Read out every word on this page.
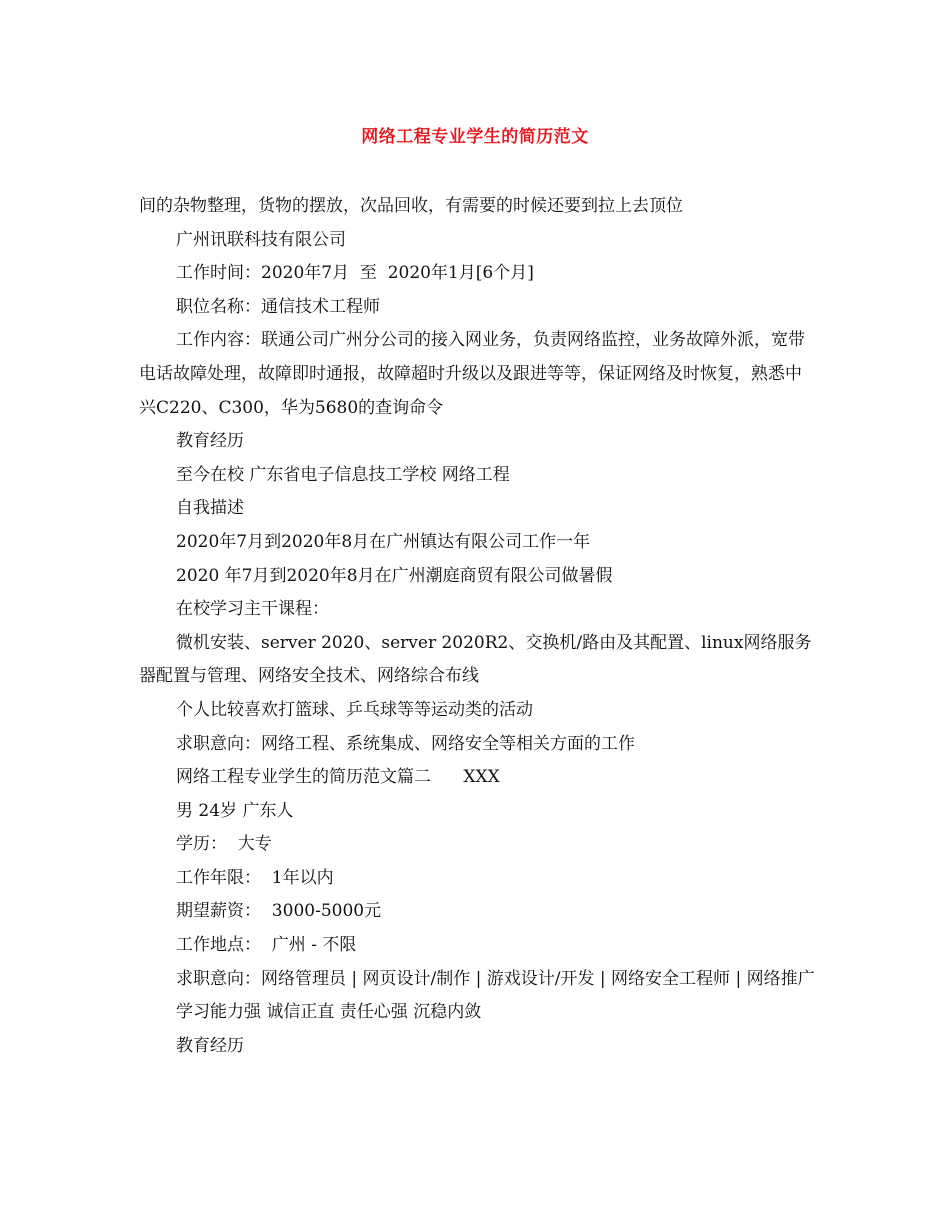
网络工程专业学生的简历范文

间的杂物整理，货物的摆放，次品回收，有需要的时候还要到拉上去顶位

广州讯联科技有限公司

工作时间：2020年7月  至  2020年1月[6个月]

职位名称：通信技术工程师

工作内容：联通公司广州分公司的接入网业务，负责网络监控，业务故障外派，宽带电话故障处理，故障即时通报，故障超时升级以及跟进等等，保证网络及时恢复，熟悉中兴C220、C300，华为5680的查询命令

教育经历

至今在校 广东省电子信息技工学校 网络工程

自我描述

2020年7月到2020年8月在广州镇达有限公司工作一年

2020 年7月到2020年8月在广州潮庭商贸有限公司做暑假

在校学习主干课程：

微机安装、server 2020、server 2020R2、交换机/路由及其配置、linux网络服务器配置与管理、网络安全技术、网络综合布线

个人比较喜欢打篮球、乒乓球等等运动类的活动

求职意向：网络工程、系统集成、网络安全等相关方面的工作

网络工程专业学生的简历范文篇二      XXX

男 24岁 广东人

学历：  大专

工作年限：  1年以内

期望薪资：  3000-5000元

工作地点：  广州 - 不限

求职意向：网络管理员 | 网页设计/制作 | 游戏设计/开发 | 网络安全工程师 | 网络推广

学习能力强 诚信正直 责任心强 沉稳内敛

教育经历
